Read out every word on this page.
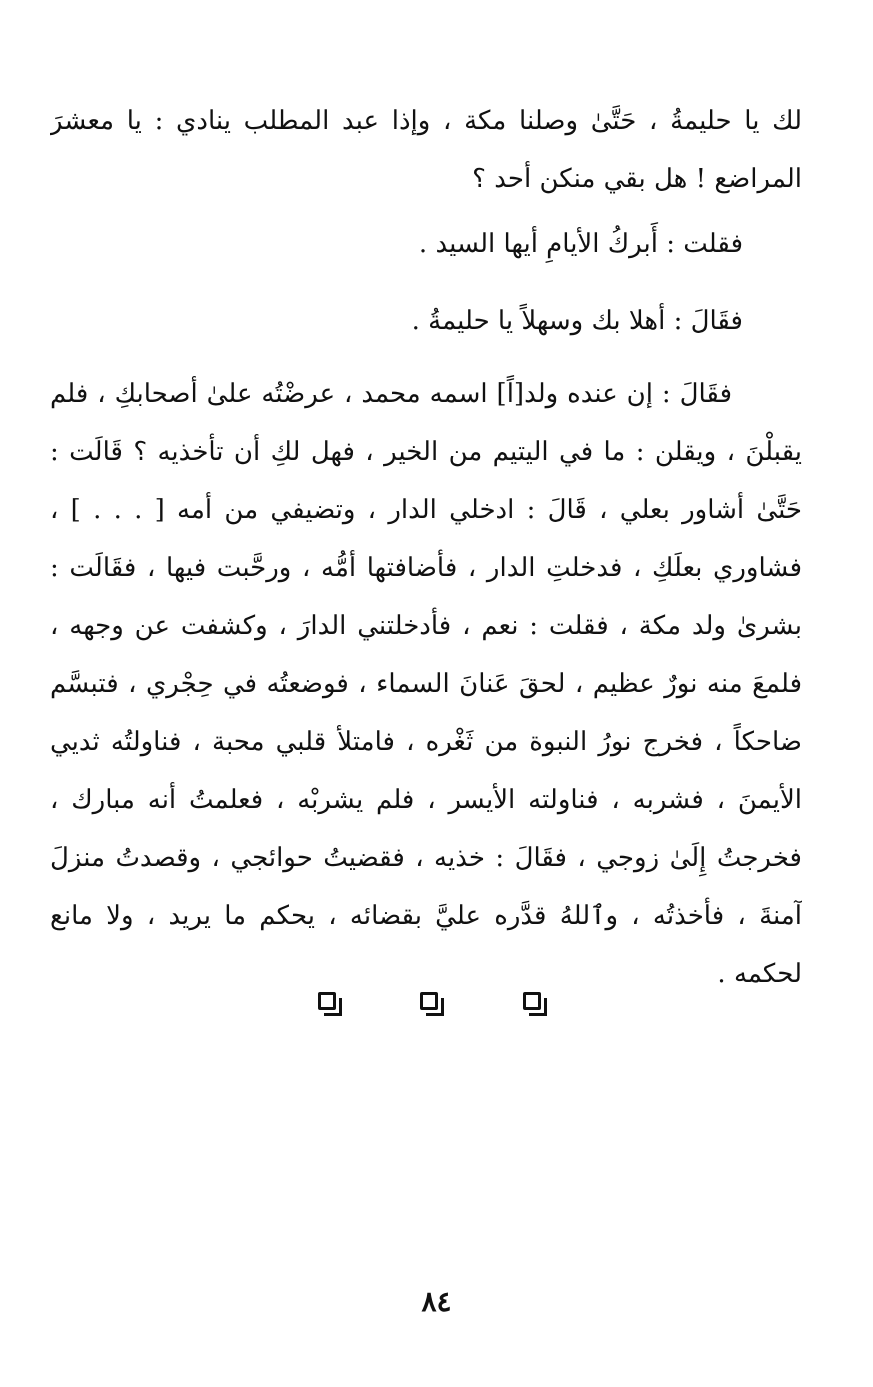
لك يا حليمةُ ، حَتَّىٰ وصلنا مكة ، وإذا عبد المطلب ينادي : يا معشرَ
المراضع ! هل بقي منكن أحد ؟
فقلت : أَبركُ الأيامِ أيها السيد .
فقَالَ : أهلا بك وسهلاً يا حليمةُ .
فقَالَ : إن عنده ولد[اً] اسمه محمد ، عرضْتُه علىٰ أصحابكِ ، فلم
يقبلْنَ ، ويقلن : ما في اليتيم من الخير ، فهل لكِ أن تأخذيه ؟ قَالَت :
حَتَّىٰ أشاور بعلي ، قَالَ : ادخلي الدار ، وتضيفي من أمه [ . . . ] ،
فشاوري بعلَكِ ، فدخلتِ الدار ، فأضافتها أمُّه ، ورحَّبت فيها ، فقَالَت :
بشرىٰ ولد مكة ، فقلت : نعم ، فأدخلتني الدارَ ، وكشفت عن وجهه ،
فلمعَ منه نورٌ عظيم ، لحقَ عَنانَ السماء ، فوضعتُه في حِجْري ، فتبسَّم
ضاحكاً ، فخرج نورُ النبوة من ثَغْره ، فامتلأ قلبي محبة ، فناولتُه ثديي
الأيمنَ ، فشربه ، فناولته الأيسر ، فلم يشربْه ، فعلمتُ أنه مبارك ،
فخرجتُ إِلَىٰ زوجي ، فقَالَ : خذيه ، فقضيتُ حوائجي ، وقصدتُ منزلَ
آمنةَ ، فأخذتُه ، وٱللهُ قدَّره عليَّ بقضائه ، يحكم ما يريد ، ولا مانع
لحكمه .
٨٤
